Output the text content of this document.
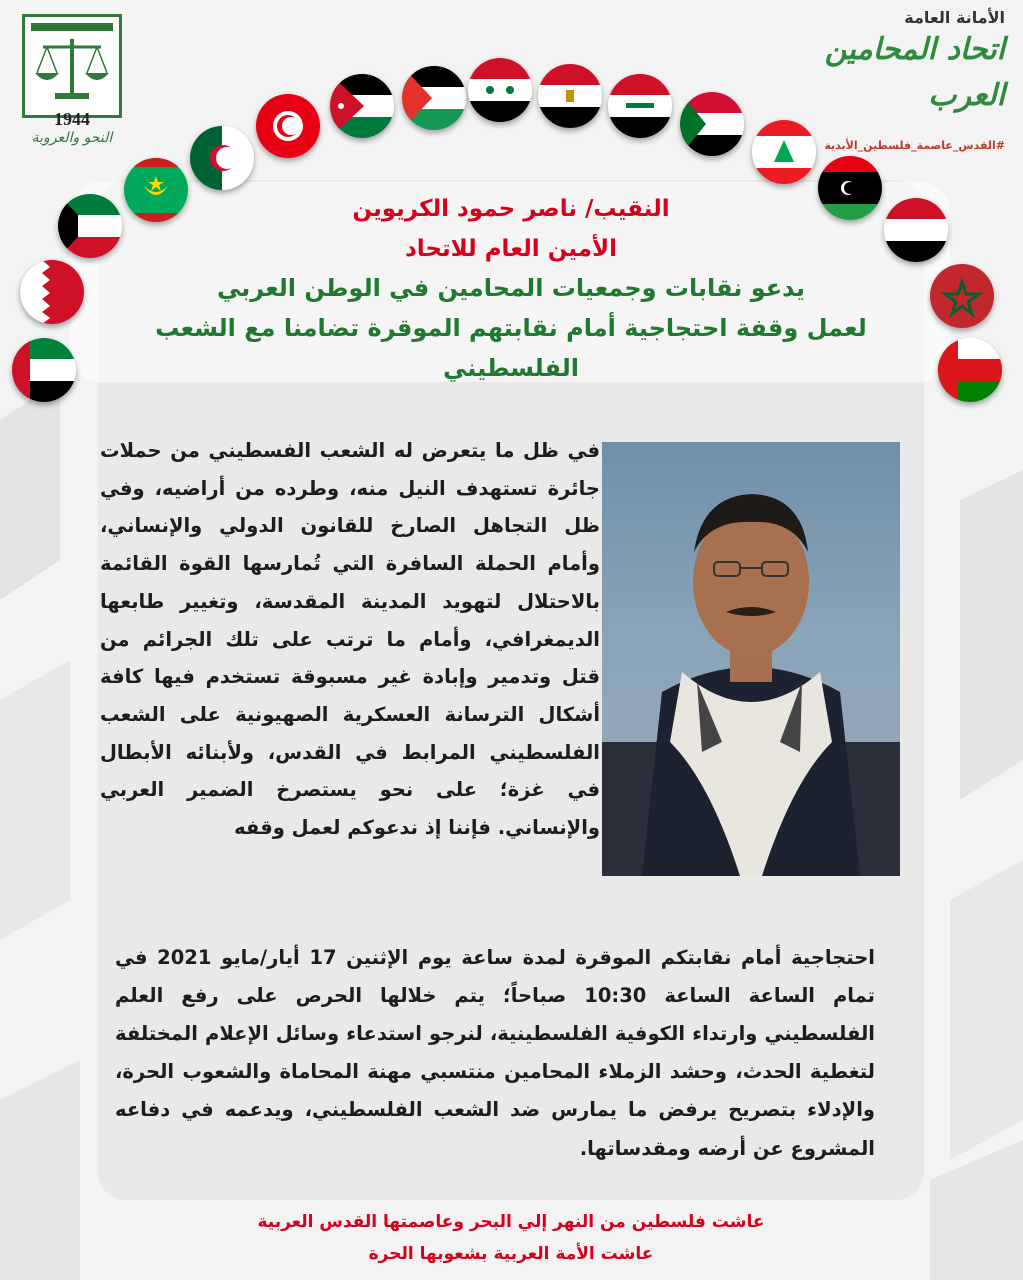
1944
النحو والعروبة
الأمانة العامة
اتحاد المحامين العرب
#القدس_عاصمة_فلسطين_الأبدية
النقيب/ ناصر حمود الكريوين
الأمين العام للاتحاد
يدعو نقابات وجمعيات المحامين في الوطن العربي
لعمل وقفة احتجاجية أمام نقابتهم الموقرة تضامنا مع الشعب الفلسطيني

في ظل ما يتعرض له الشعب الفسطيني من حملات جائرة تستهدف النيل منه، وطرده من أراضيه، وفي ظل التجاهل الصارخ للقانون الدولي والإنساني، وأمام الحملة السافرة التي تُمارسها القوة القائمة بالاحتلال لتهويد المدينة المقدسة، وتغيير طابعها الديمغرافي، وأمام ما ترتب على تلك الجرائم من قتل وتدمير وإبادة غير مسبوقة تستخدم فيها كافة أشكال الترسانة العسكرية الصهيونية على الشعب الفلسطيني المرابط في القدس، ولأبنائه الأبطال في غزة؛ على نحو يستصرخ الضمير العربي والإنساني. فإننا إذ ندعوكم لعمل وقفه

احتجاجية أمام نقابتكم الموقرة لمدة ساعة يوم الإثنين 17 أيار/مايو 2021 في تمام الساعة الساعة 10:30 صباحاً؛ يتم خلالها الحرص على رفع العلم الفلسطيني وارتداء الكوفية الفلسطينية، لنرجو استدعاء وسائل الإعلام المختلفة لتغطية الحدث، وحشد الزملاء المحامين منتسبي مهنة المحاماة والشعوب الحرة، والإدلاء بتصريح يرفض ما يمارس ضد الشعب الفلسطيني، ويدعمه في دفاعه المشروع عن أرضه ومقدساتها.

عاشت فلسطين من النهر إلي البحر وعاصمتها القدس العربية
عاشت الأمة العربية بشعوبها الحرة
